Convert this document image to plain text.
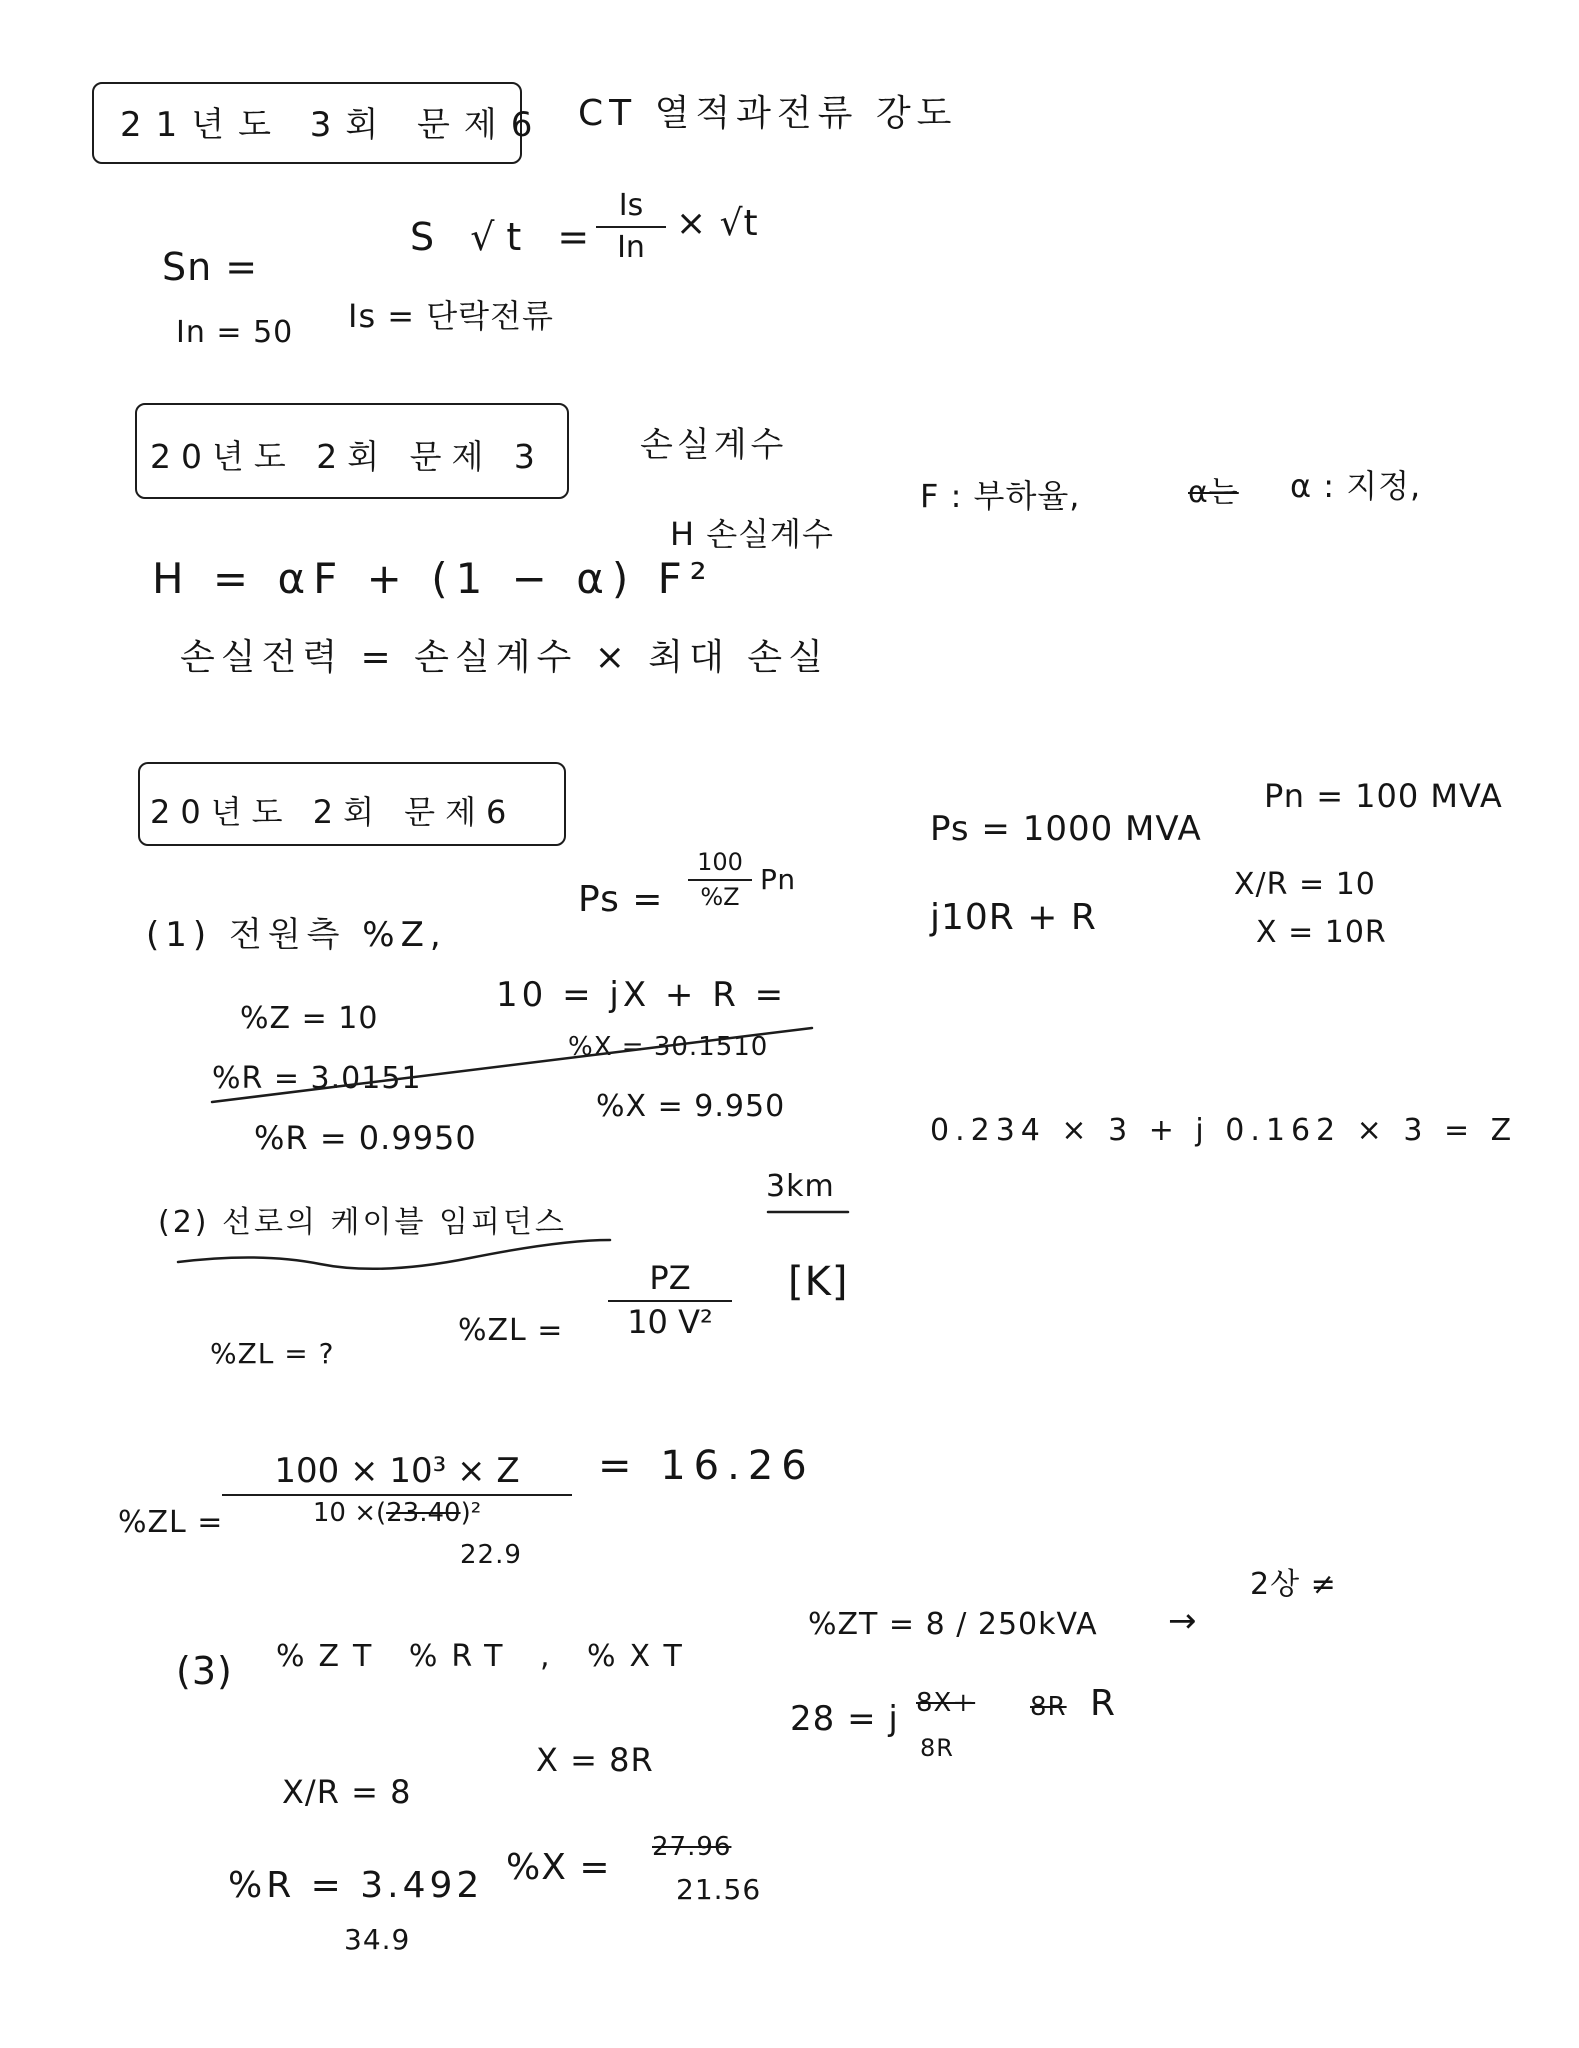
21년도 3회 문제6 CT 열적과전류 강도
Sn =
S √t =
Is
In
× √t
In = 50 Is = 단락전류
20년도 2회 문제 3	손실계수
H = αF + (1 − α) F²
H 손실계수
F : 부하율,	α는 α : 지정,
손실전력 = 손실계수 × 최대 손실
20년도 2회 문제6	Ps = 1000 MVA
Pn = 100 MVA
X/R = 10
X = 10R
(1) 전원측 %Z,
Ps =
100
%Z
Pn
j10R + R
10 = jX + R =
%Z = 10
%R = 3.0151
%X = 30.1510
%R = 0.9950
%X = 9.950
(2) 선로의 케이블 임피던스
3km
0.234 × 3 + j 0.162 × 3 = Z
%ZL = ?
%ZL =
PZ
10 V²
[K]
%ZL =
100 × 10³ × Z
10 ×(23.40)²
22.9
= 16.26
(3) %ZT %RT , %XT
%ZT = 8 / 250kVA →
2상 ≠
X/R = 8
X = 8R
28 = j 8X+ 8R R
8R
%R = 3.492
34.9
%X = 27.96
21.56
